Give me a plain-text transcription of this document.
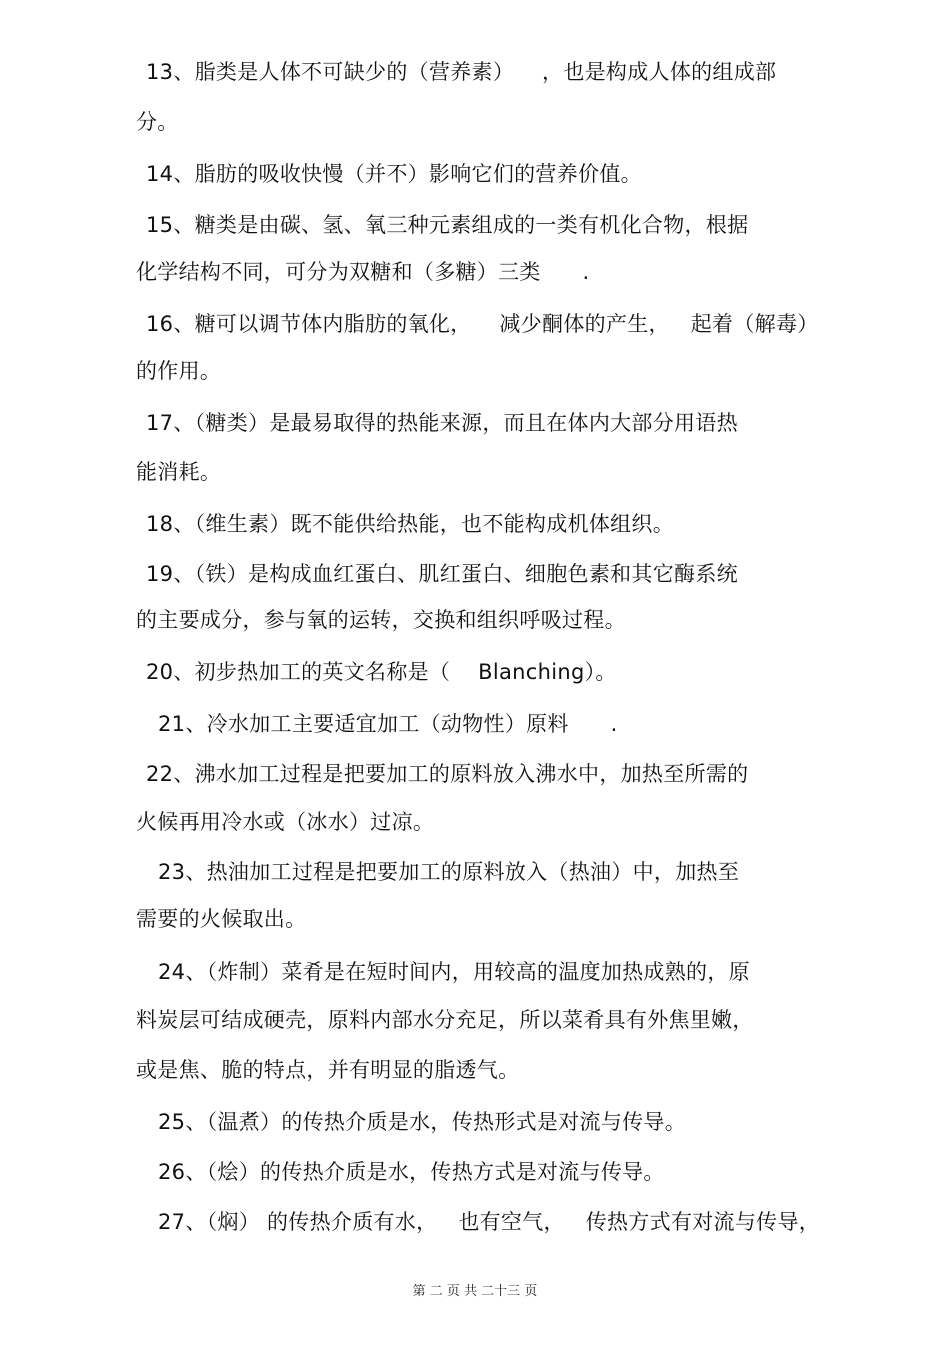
13、脂类是人体不可缺少的（营养素）    ，也是构成人体的组成部
分。
14、脂肪的吸收快慢（并不）影响它们的营养价值。
15、糖类是由碳、氢、氧三种元素组成的一类有机化合物，根据
化学结构不同，可分为双糖和（多糖）三类      .
16、糖可以调节体内脂肪的氧化，    减少酮体的产生，   起着（解毒）
的作用。
17、（糖类）是最易取得的热能来源，而且在体内大部分用语热
能消耗。
18、（维生素）既不能供给热能，也不能构成机体组织。
19、（铁）是构成血红蛋白、肌红蛋白、细胞色素和其它酶系统
的主要成分，参与氧的运转，交换和组织呼吸过程。
20、初步热加工的英文名称是（    Blanching）。
21、冷水加工主要适宜加工（动物性）原料      .
22、沸水加工过程是把要加工的原料放入沸水中，加热至所需的
火候再用冷水或（冰水）过凉。
23、热油加工过程是把要加工的原料放入（热油）中，加热至
需要的火候取出。
24、（炸制）菜肴是在短时间内，用较高的温度加热成熟的，原
料炭层可结成硬壳，原料内部水分充足，所以菜肴具有外焦里嫩，
或是焦、脆的特点，并有明显的脂透气。
25、（温煮）的传热介质是水，传热形式是对流与传导。
26、（烩）的传热介质是水，传热方式是对流与传导。
27、（焖） 的传热介质有水，   也有空气，   传热方式有对流与传导，
第 二 页 共 二十三 页
